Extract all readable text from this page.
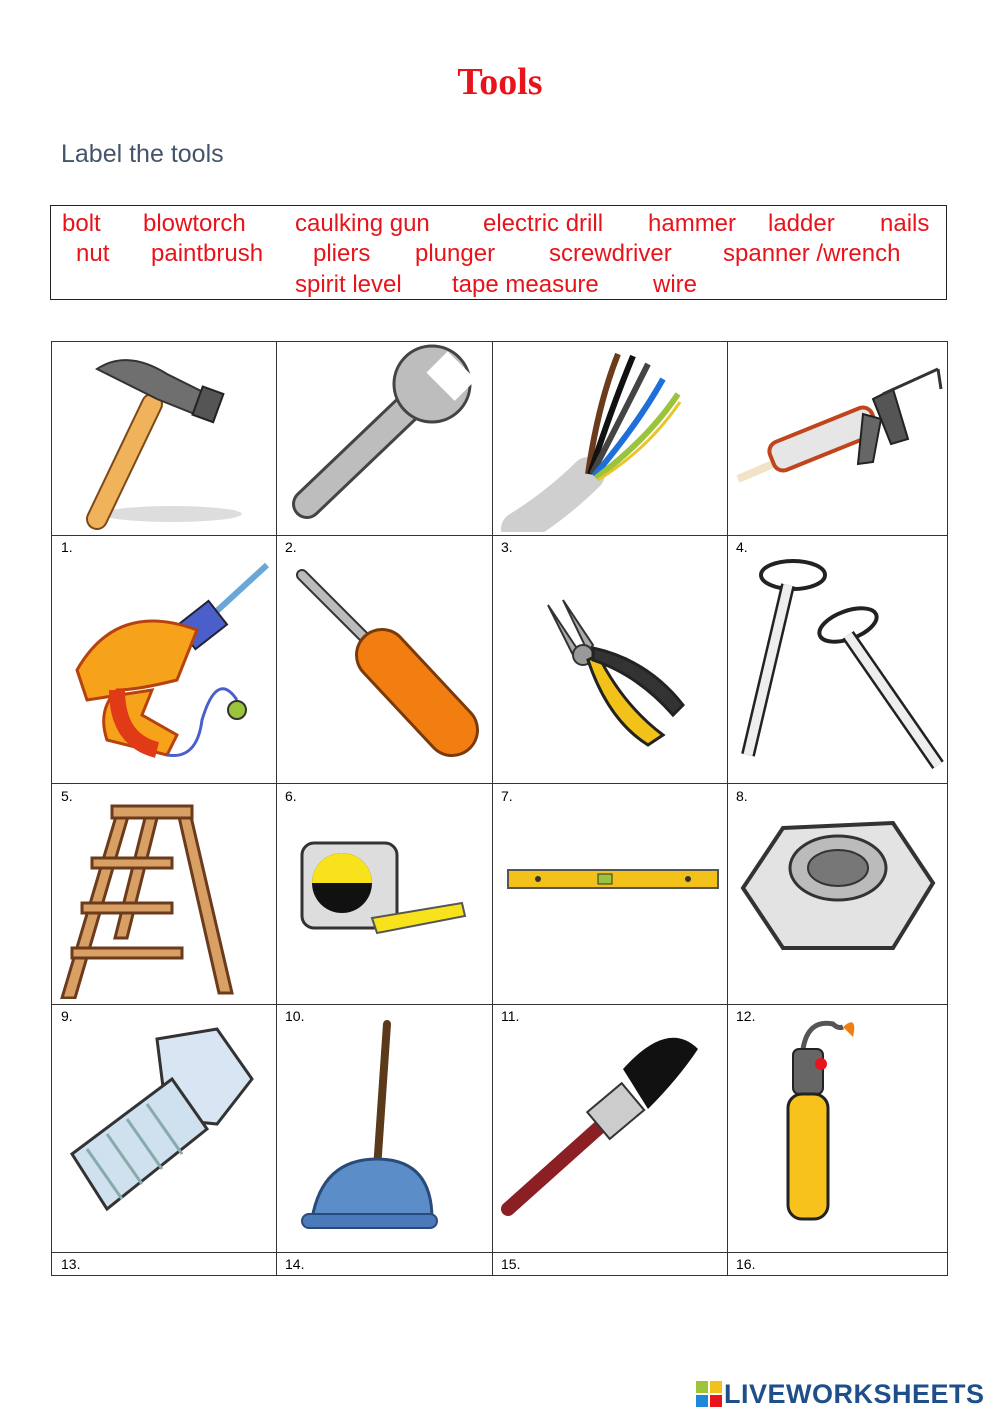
Tools
Label the tools
bolt blowtorch caulking gun electric drill hammer ladder nails
nut paintbrush pliers plunger screwdriver spanner /wrench
spirit level tape measure wire
1.	2.	3.	4.
5.	6.	7.	8.
9.	10.	11.	12.
13.	14.	15.	16.
LIVEWORKSHEETS
